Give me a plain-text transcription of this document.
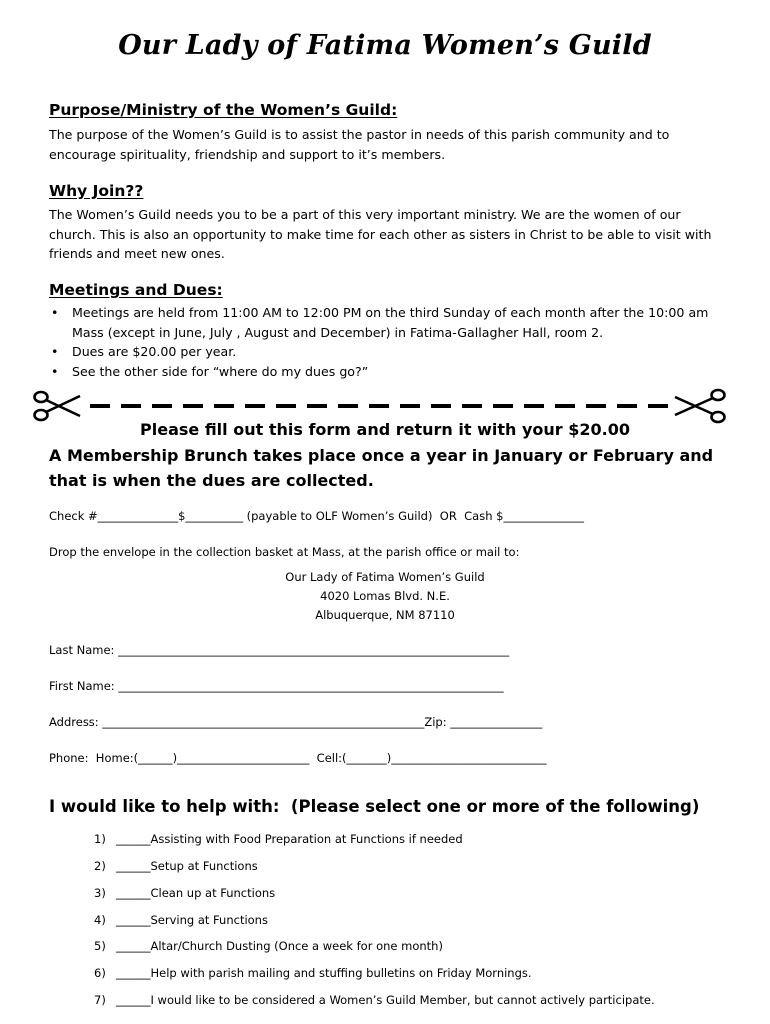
Our Lady of Fatima Women’s Guild
Purpose/Ministry of the Women’s Guild:
The purpose of the Women’s Guild is to assist the pastor in needs of this parish community and to encourage spirituality, friendship and support to it’s members.
Why Join??
The Women’s Guild needs you to be a part of this very important ministry. We are the women of our church. This is also an opportunity to make time for each other as sisters in Christ to be able to visit with friends and meet new ones.
Meetings and Dues:
• Meetings are held from 11:00 AM to 12:00 PM on the third Sunday of each month after the 10:00 am Mass (except in June, July , August and December) in Fatima-Gallagher Hall, room 2.
• Dues are $20.00 per year.
• See the other side for “where do my dues go?”
Please fill out this form and return it with your $20.00
A Membership Brunch takes place once a year in January or February and that is when the dues are collected.
Check #______________$__________ (payable to OLF Women’s Guild)  OR  Cash $______________
Drop the envelope in the collection basket at Mass, at the parish office or mail to:
Our Lady of Fatima Women’s Guild
4020 Lomas Blvd. N.E.
Albuquerque, NM 87110
Last Name: ____________________________________________________________________
First Name: ___________________________________________________________________
Address: ________________________________________________________Zip: ________________
Phone:  Home:(______)_______________________  Cell:(_______)___________________________
I would like to help with:  (Please select one or more of the following)
1) ______Assisting with Food Preparation at Functions if needed
2) ______Setup at Functions
3) ______Clean up at Functions
4) ______Serving at Functions
5) ______Altar/Church Dusting (Once a week for one month)
6) ______Help with parish mailing and stuffing bulletins on Friday Mornings.
7) ______I would like to be considered a Women’s Guild Member, but cannot actively participate.
